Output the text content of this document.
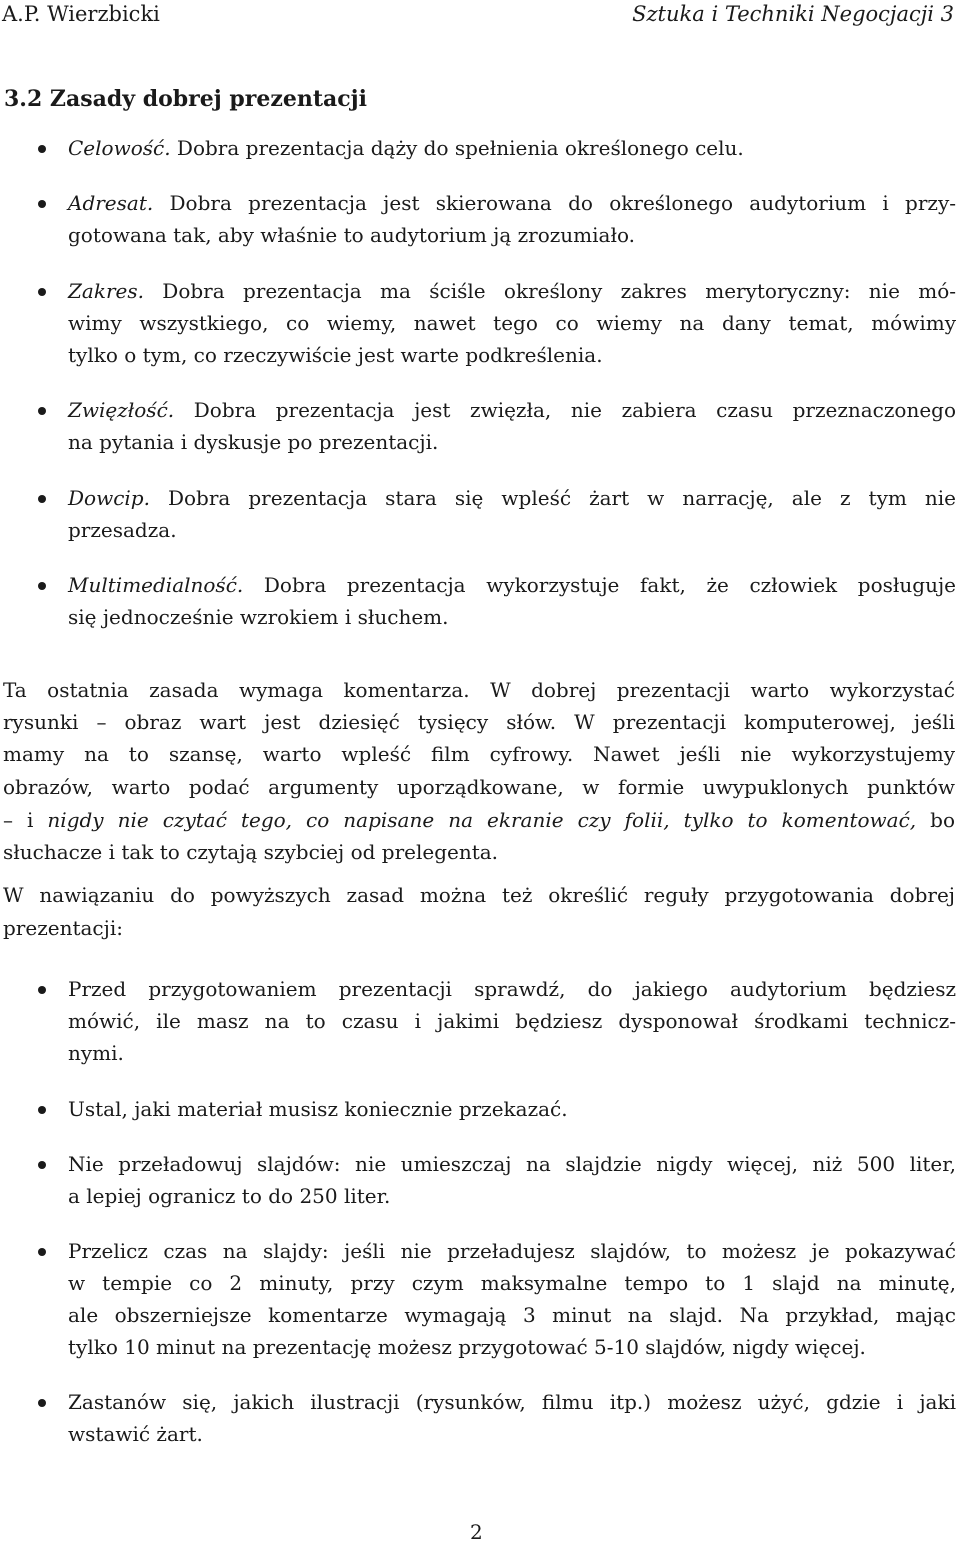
A.P. Wierzbicki	Sztuka i Techniki Negocjacji 3
3.2 Zasady dobrej prezentacji
Celowość. Dobra prezentacja dąży do spełnienia określonego celu.
Adresat. Dobra prezentacja jest skierowana do określonego audytorium i przy-
gotowana tak, aby właśnie to audytorium ją zrozumiało.
Zakres. Dobra prezentacja ma ściśle określony zakres merytoryczny: nie mó-
wimy wszystkiego, co wiemy, nawet tego co wiemy na dany temat, mówimy
tylko o tym, co rzeczywiście jest warte podkreślenia.
Zwięzłość. Dobra prezentacja jest zwięzła, nie zabiera czasu przeznaczonego
na pytania i dyskusje po prezentacji.
Dowcip. Dobra prezentacja stara się wpleść żart w narrację, ale z tym nie
przesadza.
Multimedialność. Dobra prezentacja wykorzystuje fakt, że człowiek posługuje
się jednocześnie wzrokiem i słuchem.
Ta ostatnia zasada wymaga komentarza. W dobrej prezentacji warto wykorzystać
rysunki – obraz wart jest dziesięć tysięcy słów. W prezentacji komputerowej, jeśli
mamy na to szansę, warto wpleść film cyfrowy. Nawet jeśli nie wykorzystujemy
obrazów, warto podać argumenty uporządkowane, w formie uwypuklonych punktów
– i nigdy nie czytać tego, co napisane na ekranie czy folii, tylko to komentować, bo
słuchacze i tak to czytają szybciej od prelegenta.
W nawiązaniu do powyższych zasad można też określić reguły przygotowania dobrej
prezentacji:
Przed przygotowaniem prezentacji sprawdź, do jakiego audytorium będziesz
mówić, ile masz na to czasu i jakimi będziesz dysponował środkami technicz-
nymi.
Ustal, jaki materiał musisz koniecznie przekazać.
Nie przeładowuj slajdów: nie umieszczaj na slajdzie nigdy więcej, niż 500 liter,
a lepiej ogranicz to do 250 liter.
Przelicz czas na slajdy: jeśli nie przeładujesz slajdów, to możesz je pokazywać
w tempie co 2 minuty, przy czym maksymalne tempo to 1 slajd na minutę,
ale obszerniejsze komentarze wymagają 3 minut na slajd. Na przykład, mając
tylko 10 minut na prezentację możesz przygotować 5-10 slajdów, nigdy więcej.
Zastanów się, jakich ilustracji (rysunków, filmu itp.) możesz użyć, gdzie i jaki
wstawić żart.
2
